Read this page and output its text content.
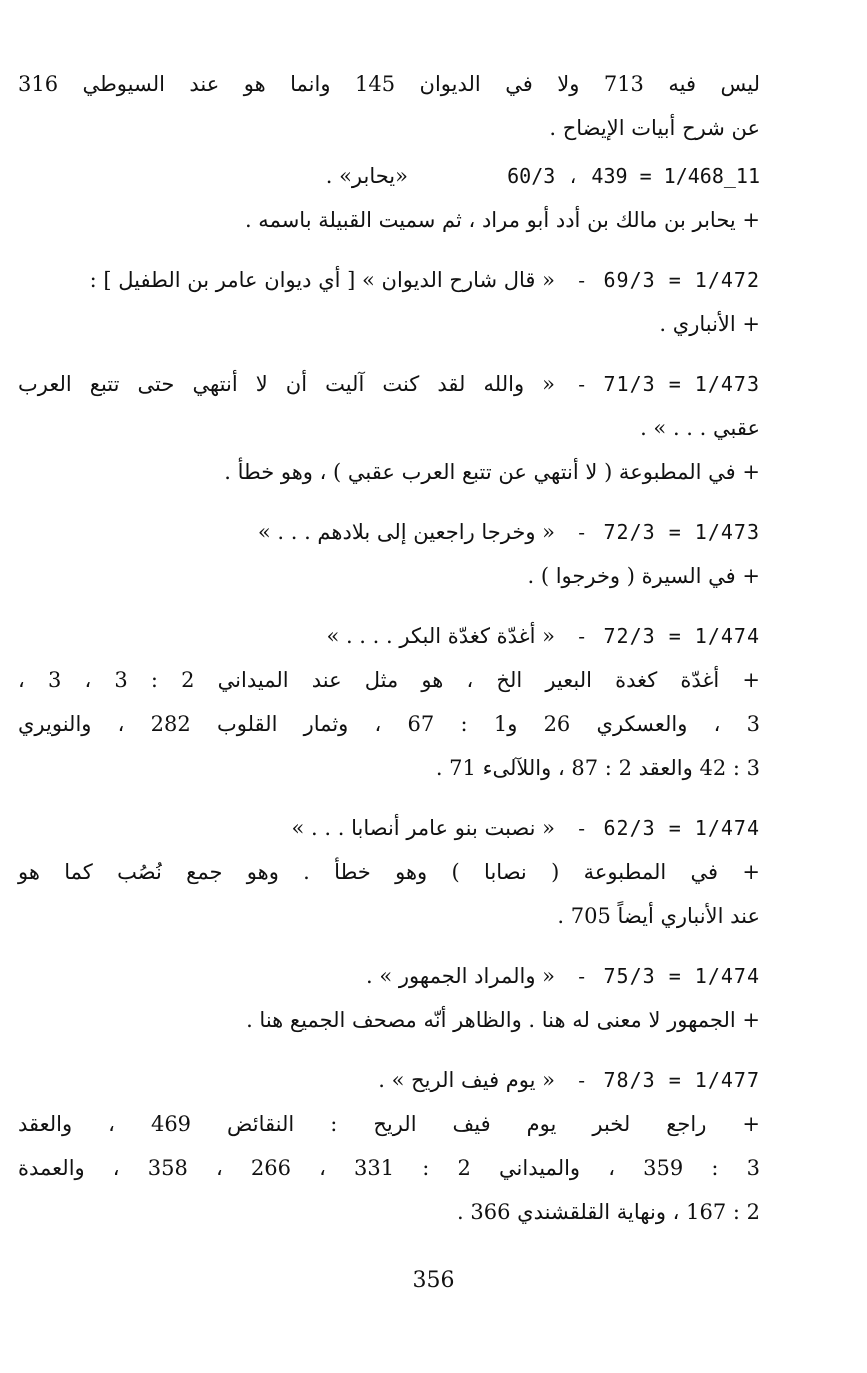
ليس فيه 713 ولا في الديوان 145 وانما هو عند السيوطي 316
عن شرح أبيات الإيضاح .
60/3 ، 439 = 1/468_11
«يحابر» .
+ يحابر بن مالك بن أدد أبو مراد ، ثم سميت القبيلة باسمه .
69/3 = 1/472
-
« قال شارح الديوان » [ أي ديوان عامر بن الطفيل ] :
+ الأنباري .
71/3 = 1/473
-
« والله لقد كنت آليت أن لا أنتهي حتى تتبع العرب
عقبي . . . » .
+ في المطبوعة ( لا أنتهي عن تتبع العرب عقبي ) ، وهو خطأ .
72/3 = 1/473
-
« وخرجا راجعين إلى بلادهم . . . »
+ في السيرة ( وخرجوا ) .
72/3 = 1/474
-
« أغدّة كغدّة البكر . . . . »
+ أغدّة كغدة البعير الخ ، هو مثل عند الميداني 2 : 3 ، 3 ،
3 ، والعسكري 26 و1 : 67 ، وثمار القلوب 282 ، والنويري
3 : 42 والعقد 2 : 87 ، واللآلىء 71 .
62/3 = 1/474
-
« نصبت بنو عامر أنصابا . . . »
+ في المطبوعة ( نصابا ) وهو خطأ . وهو جمع نُصُب كما هو
عند الأنباري أيضاً 705 .
75/3 = 1/474
-
« والمراد الجمهور » .
+ الجمهور لا معنى له هنا . والظاهر أنّه مصحف الجميع هنا .
78/3 = 1/477
-
« يوم فيف الريح » .
+ راجع لخبر يوم فيف الريح : النقائض 469 ، والعقد
3 : 359 ، والميداني 2 : 331 ، 266 ، 358 ، والعمدة
2 : 167 ، ونهاية القلقشندي 366 .
356
